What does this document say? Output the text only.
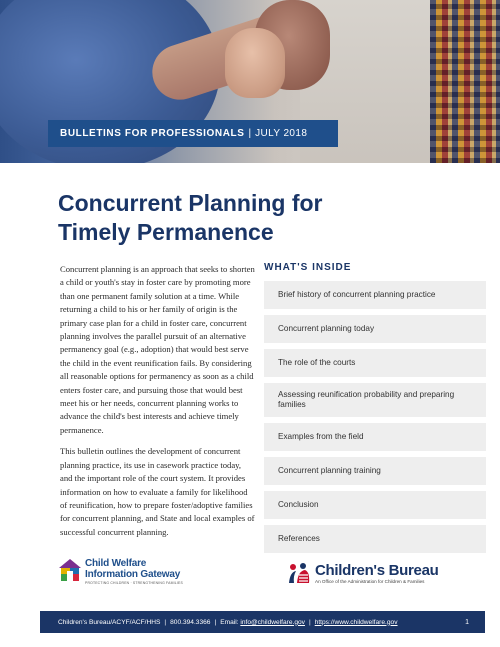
BULLETINS FOR PROFESSIONALS | JULY 2018
Concurrent Planning for
Timely Permanence

Concurrent planning is an approach that seeks to shorten a child or youth's stay in foster care by promoting more than one permanent family solution at a time. While returning a child to his or her family of origin is the primary case plan for a child in foster care, concurrent planning involves the parallel pursuit of an alternative permanency goal (e.g., adoption) that would best serve the child in the event reunification fails. By considering all reasonable options for permanency as soon as a child enters foster care, and pursuing those that would best meet his or her needs, concurrent planning works to advance the child's best interests and achieve timely permanence.

This bulletin outlines the development of concurrent planning practice, its use in casework practice today, and the important role of the court system. It provides information on how to evaluate a family for likelihood of reunification, how to prepare foster/adoptive families for concurrent planning, and State and local examples of successful concurrent planning.

WHAT'S INSIDE
Brief history of concurrent planning practice
Concurrent planning today
The role of the courts
Assessing reunification probability and preparing families
Examples from the field
Concurrent planning training
Conclusion
References
Child Welfare
Information Gateway
PROTECTING CHILDREN · STRENGTHENING FAMILIES
Children's Bureau
An Office of the Administration for Children & Families
Children's Bureau/ACYF/ACF/HHS | 800.394.3366 | Email:
info@childwelfare.gov | https://www.childwelfare.gov	1
